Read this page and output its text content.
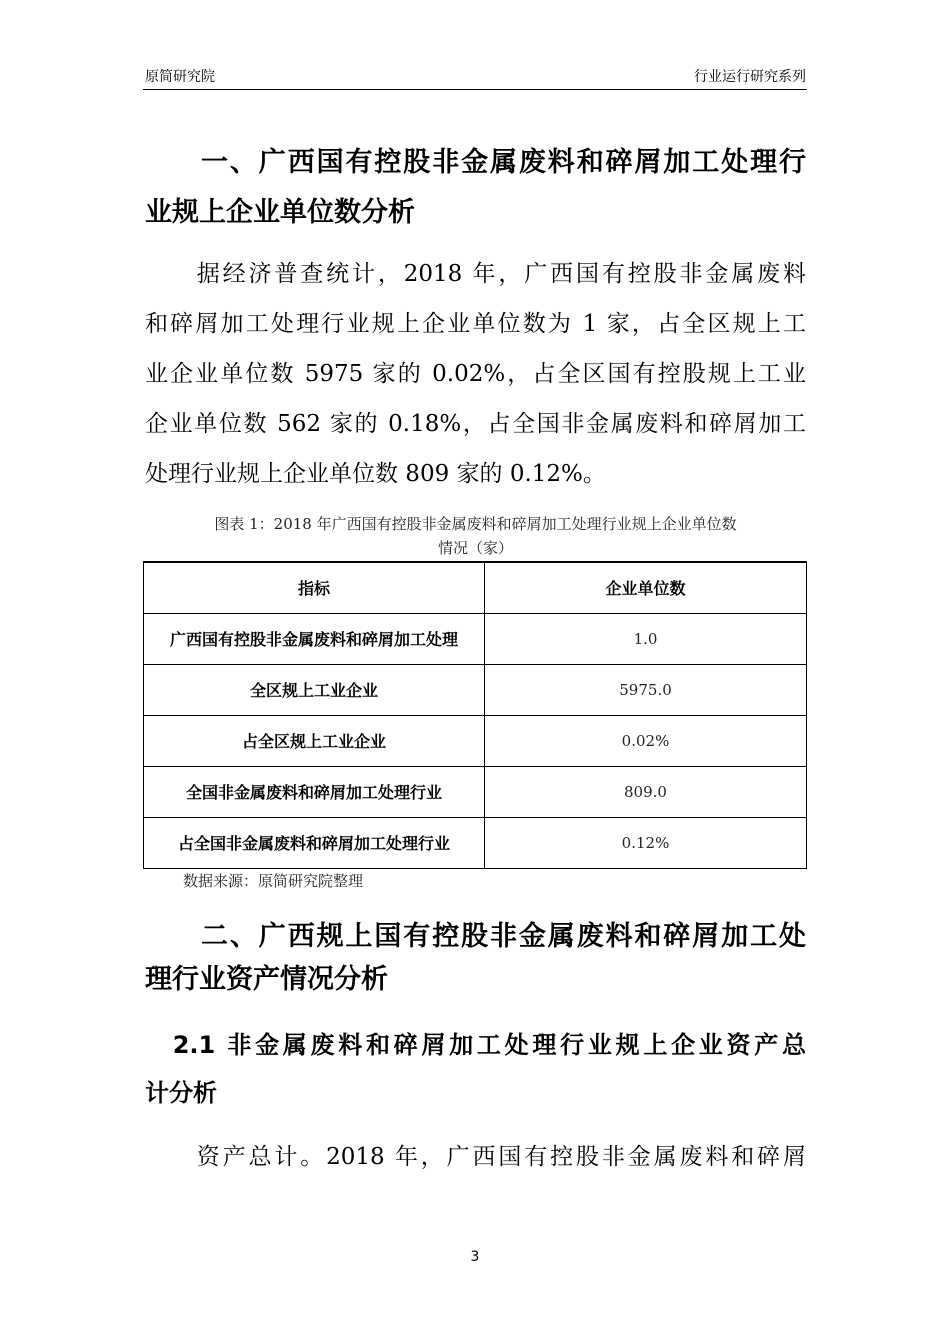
原简研究院	行业运行研究系列
一、广西国有控股非金属废料和碎屑加工处理行
业规上企业单位数分析
　　据经济普查统计，2018 年，广西国有控股非金属废料
和碎屑加工处理行业规上企业单位数为 1 家，占全区规上工
业企业单位数 5975 家的 0.02%，占全区国有控股规上工业
企业单位数 562 家的 0.18%，占全国非金属废料和碎屑加工
处理行业规上企业单位数 809 家的 0.12%。
图表 1：2018 年广西国有控股非金属废料和碎屑加工处理行业规上企业单位数
情况（家）
指标	企业单位数
广西国有控股非金属废料和碎屑加工处理	1.0
全区规上工业企业	5975.0
占全区规上工业企业	0.02%
全国非金属废料和碎屑加工处理行业	809.0
占全国非金属废料和碎屑加工处理行业	0.12%
数据来源：原简研究院整理
二、广西规上国有控股非金属废料和碎屑加工处
理行业资产情况分析
　2.1 非金属废料和碎屑加工处理行业规上企业资产总
计分析
　　资产总计。2018 年，广西国有控股非金属废料和碎屑
3
